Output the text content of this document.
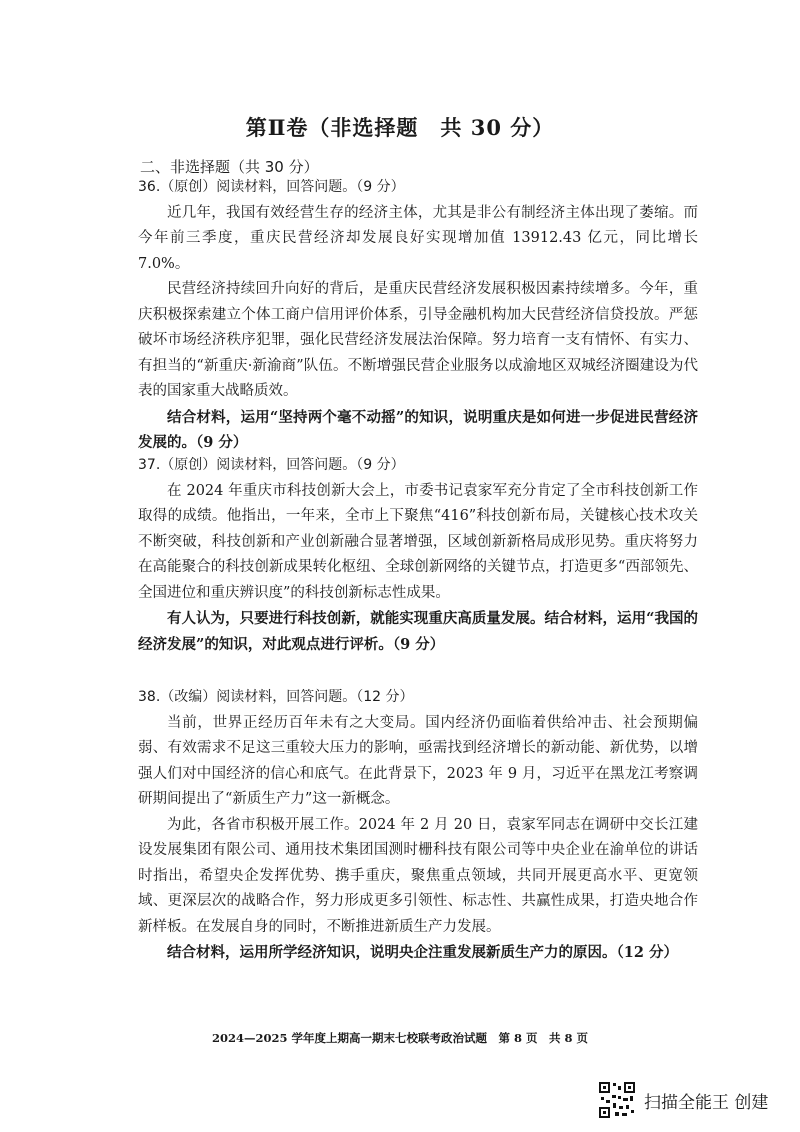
第Ⅱ卷（非选择题　共 30 分）
二、非选择题（共 30 分）
36.（原创）阅读材料，回答问题。（9 分）

近几年，我国有效经营生存的经济主体，尤其是非公有制经济主体出现了萎缩。而今年前三季度，重庆民营经济却发展良好实现增加值 13912.43 亿元，同比增长 7.0%。

民营经济持续回升向好的背后，是重庆民营经济发展积极因素持续增多。今年，重庆积极探索建立个体工商户信用评价体系，引导金融机构加大民营经济信贷投放。严惩破坏市场经济秩序犯罪，强化民营经济发展法治保障。努力培育一支有情怀、有实力、有担当的“新重庆·新渝商”队伍。不断增强民营企业服务以成渝地区双城经济圈建设为代表的国家重大战略质效。

结合材料，运用“坚持两个毫不动摇”的知识，说明重庆是如何进一步促进民营经济发展的。（9 分）

37.（原创）阅读材料，回答问题。（9 分）

在 2024 年重庆市科技创新大会上，市委书记袁家军充分肯定了全市科技创新工作取得的成绩。他指出，一年来，全市上下聚焦“416”科技创新布局，关键核心技术攻关不断突破，科技创新和产业创新融合显著增强，区域创新新格局成形见势。重庆将努力在高能聚合的科技创新成果转化枢纽、全球创新网络的关键节点，打造更多“西部领先、全国进位和重庆辨识度”的科技创新标志性成果。

有人认为，只要进行科技创新，就能实现重庆高质量发展。结合材料，运用“我国的经济发展”的知识，对此观点进行评析。（9 分）

38.（改编）阅读材料，回答问题。（12 分）

当前，世界正经历百年未有之大变局。国内经济仍面临着供给冲击、社会预期偏弱、有效需求不足这三重较大压力的影响，亟需找到经济增长的新动能、新优势，以增强人们对中国经济的信心和底气。在此背景下，2023 年 9 月，习近平在黑龙江考察调研期间提出了“新质生产力”这一新概念。

为此，各省市积极开展工作。2024 年 2 月 20 日，袁家军同志在调研中交长江建设发展集团有限公司、通用技术集团国测时栅科技有限公司等中央企业在渝单位的讲话时指出，希望央企发挥优势、携手重庆，聚焦重点领域，共同开展更高水平、更宽领域、更深层次的战略合作，努力形成更多引领性、标志性、共赢性成果，打造央地合作新样板。在发展自身的同时，不断推进新质生产力发展。

结合材料，运用所学经济知识，说明央企注重发展新质生产力的原因。（12 分）

2024—2025 学年度上期高一期末七校联考政治试题　第 8 页　共 8 页
扫描全能王 创建
